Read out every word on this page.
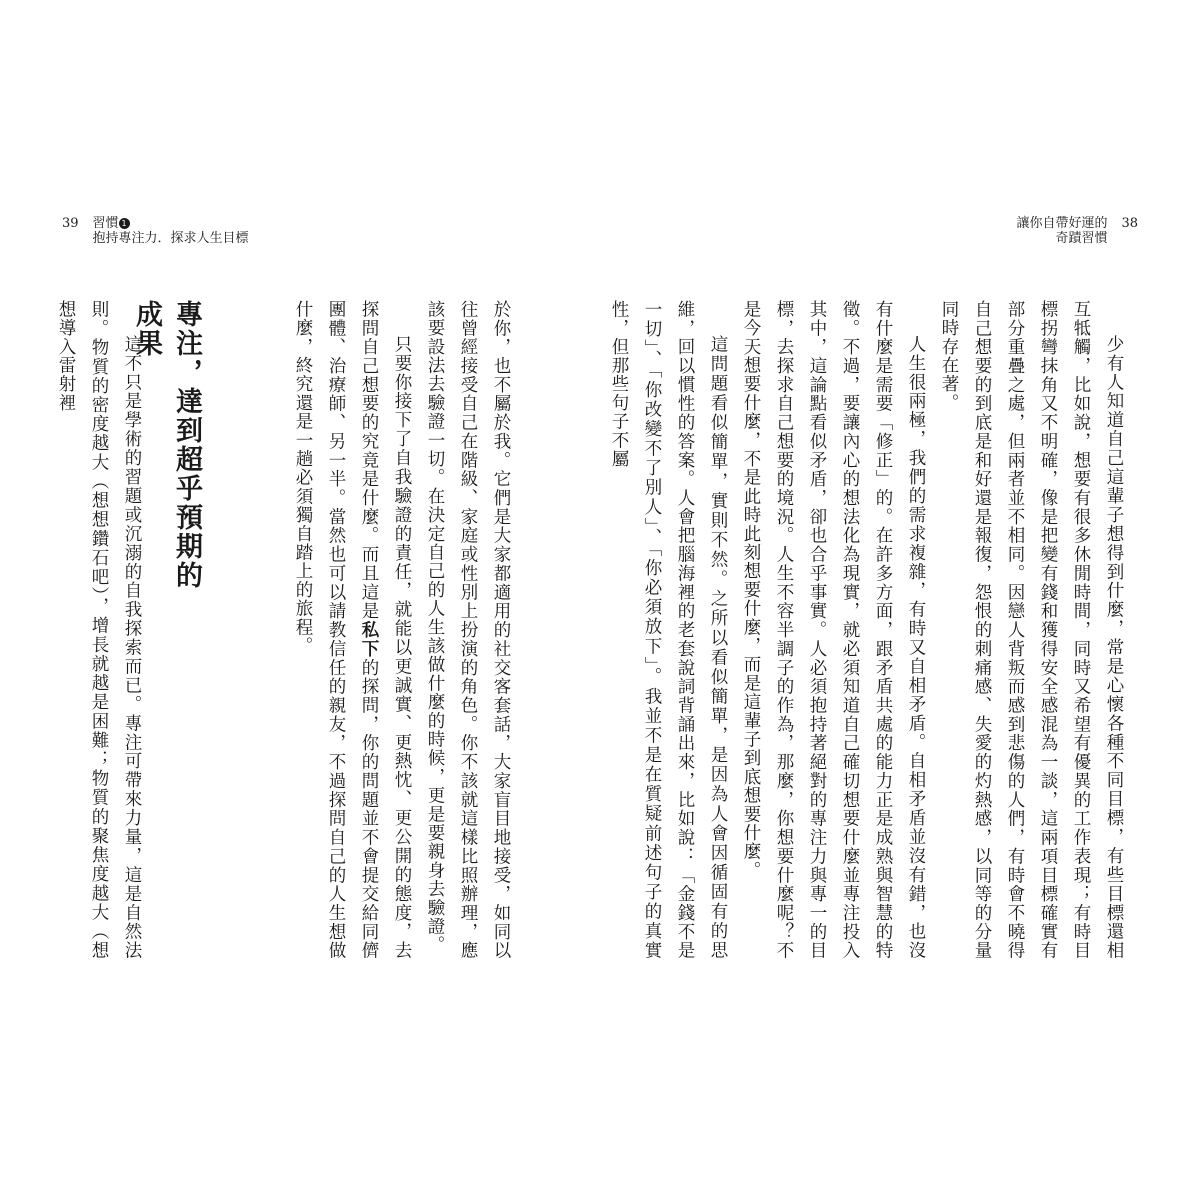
39 習慣 1
抱持專注力．探求人生目標

於你，也不屬於我。它們是大家都適用的社交客套話，大家盲目地接受，如同以往曾經接受自己在階級、家庭或性別上扮演的角色。你不該就這樣比照辦理，應該要設法去驗證一切。在決定自己的人生該做什麼的時候，更是要親身去驗證。

只要你接下了自我驗證的責任，就能以更誠實、更熱忱、更公開的態度，去探問自己想要的究竟是什麼。而且這是私下的探問，你的問題並不會提交給同儕團體、治療師、另一半。當然也可以請教信任的親友，不過探問自己的人生想做什麼，終究還是一趟必須獨自踏上的旅程。

專注，達到超乎預期的成果

這不只是學術的習題或沉溺的自我探索而已。專注可帶來力量，這是自然法則。物質的密度越大（想想鑽石吧），增長就越是困難；物質的聚焦度越大（想想導入雷射裡

讓你自帶好運的
奇蹟習慣
38

少有人知道自己這輩子想得到什麼，常是心懷各種不同目標，有些目標還相互牴觸，比如說，想要有很多休閒時間，同時又希望有優異的工作表現；有時目標拐彎抹角又不明確，像是把變有錢和獲得安全感混為一談，這兩項目標確實有部分重疊之處，但兩者並不相同。因戀人背叛而感到悲傷的人們，有時會不曉得自己想要的到底是和好還是報復，怨恨的刺痛感、失愛的灼熱感，以同等的分量同時存在著。

人生很兩極，我們的需求複雜，有時又自相矛盾。自相矛盾並沒有錯，也沒有什麼是需要「修正」的。在許多方面，跟矛盾共處的能力正是成熟與智慧的特徵。不過，要讓內心的想法化為現實，就必須知道自己確切想要什麼並專注投入其中，這論點看似矛盾，卻也合乎事實。人必須抱持著絕對的專注力與專一的目標，去探求自己想要的境況。人生不容半調子的作為，那麼，你想要什麼呢？不是今天想要什麼，不是此時此刻想要什麼，而是這輩子到底想要什麼。

這問題看似簡單，實則不然。之所以看似簡單，是因為人會因循固有的思維，回以慣性的答案。人會把腦海裡的老套說詞背誦出來，比如說：「金錢不是一切」、「你改變不了別人」、「你必須放下」。我並不是在質疑前述句子的真實性，但那些句子不屬
